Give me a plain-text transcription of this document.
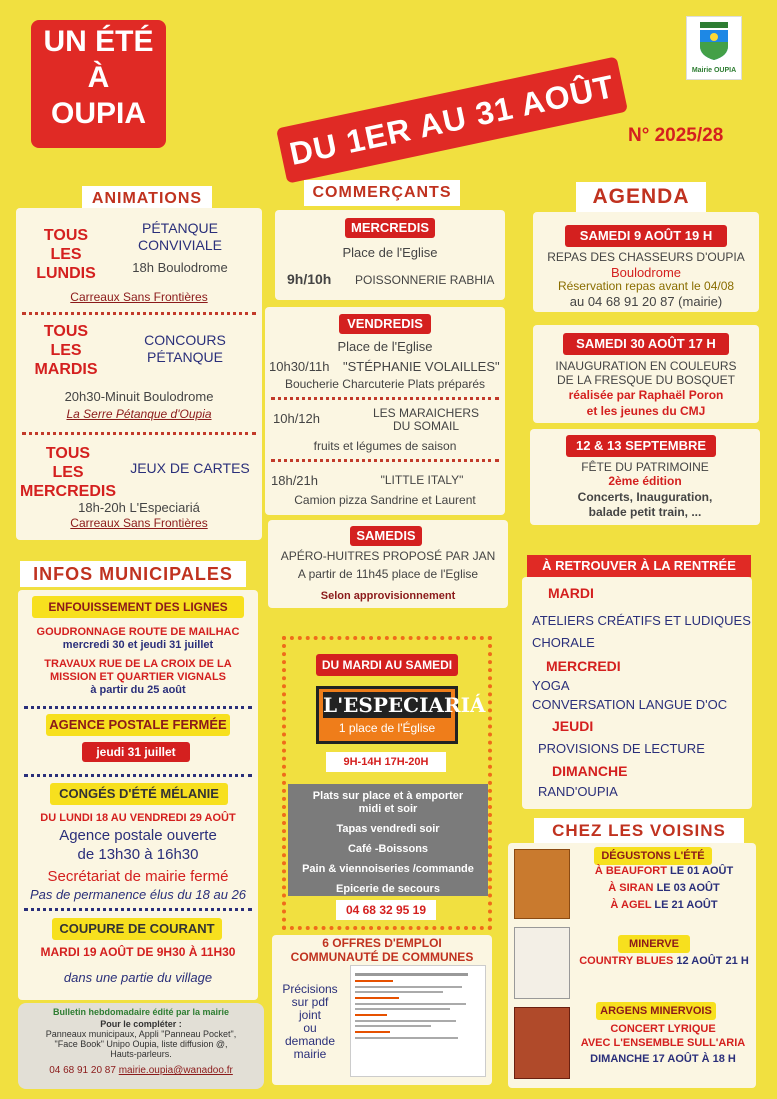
UN ÉTÉ
À
OUPIA	DU 1ER AU 31 AOÛT	Mairie OUPIA
N° 2025/28
ANIMATIONS
TOUS
LES
LUNDIS
PÉTANQUE
CONVIVIALE
18h Boulodrome
Carreaux Sans Frontières
TOUS
LES
MARDIS
CONCOURS
PÉTANQUE
20h30-Minuit Boulodrome
La Serre Pétanque d'Oupia
TOUS
LES
MERCREDIS
JEUX DE CARTES
18h-20h L'Especiariá
Carreaux Sans Frontières
COMMERÇANTS
MERCREDIS
Place de l'Eglise
9h/10h POISSONNERIE RABHIA
VENDREDIS
Place de l'Eglise
10h30/11h "STÉPHANIE VOLAILLES"
Boucherie Charcuterie Plats préparés
10h/12h	LES MARAICHERS
DU SOMAIL
fruits et légumes de saison
18h/21h	"LITTLE ITALY"
Camion pizza Sandrine et Laurent
SAMEDIS
APÉRO-HUITRES PROPOSÉ PAR JAN
A partir de 11h45 place de l'Eglise
Selon approvisionnement
AGENDA
SAMEDI 9 AOÛT 19 H
REPAS DES CHASSEURS D'OUPIA
Boulodrome
Réservation repas avant le 04/08
au 04 68 91 20 87 (mairie)
SAMEDI 30 AOÛT 17 H
INAUGURATION EN COULEURS
DE LA FRESQUE DU BOSQUET
réalisée par Raphaël Poron
et les jeunes du CMJ
12 & 13 SEPTEMBRE
FÊTE DU PATRIMOINE
2ème édition
Concerts, Inauguration,
balade petit train, ...
INFOS MUNICIPALES
ENFOUISSEMENT DES LIGNES
GOUDRONNAGE ROUTE DE MAILHAC
mercredi 30 et jeudi 31 juillet
TRAVAUX RUE DE LA CROIX DE LA
MISSION ET QUARTIER VIGNALS
à partir du 25 août
AGENCE POSTALE FERMÉE
jeudi 31 juillet
CONGÉS D'ÉTÉ MÉLANIE
DU LUNDI 18 AU VENDREDI 29 AOÛT
Agence postale ouverte
de 13h30 à 16h30
Secrétariat de mairie fermé
Pas de permanence élus du 18 au 26
COUPURE DE COURANT
MARDI 19 AOÛT DE 9H30 À 11H30
dans une partie du village
Bulletin hebdomadaire édité par la mairie
Pour le compléter :
Panneaux municipaux, Appli "Panneau Pocket",
"Face Book" Unipo Oupia, liste diffusion @,
Hauts-parleurs.
04 68 91 20 87 mairie.oupia@wanadoo.fr
DU MARDI AU SAMEDI
L'ESPECIARIÁ
1 place de l'Église
9H-14H 17H-20H
Plats sur place et à emporter
midi et soir
Tapas vendredi soir
Café -Boissons
Pain & viennoiseries /commande
Epicerie de secours
04 68 32 95 19
6 OFFRES D'EMPLOI
COMMUNAUTÉ DE COMMUNES
Précisions
sur pdf
joint
ou
demande
mairie
À RETROUVER À LA RENTRÉE
MARDI
ATELIERS CRÉATIFS ET LUDIQUES
CHORALE
MERCREDI
YOGA
CONVERSATION LANGUE D'OC
JEUDI
PROVISIONS DE LECTURE
DIMANCHE
RAND'OUPIA
CHEZ LES VOISINS
DÉGUSTONS L'ÉTÉ
À BEAUFORT LE 01 AOÛT
À SIRAN LE 03 AOÛT
À AGEL LE 21 AOÛT
MINERVE
COUNTRY BLUES 12 AOÛT 21 H
ARGENS MINERVOIS
CONCERT LYRIQUE
AVEC L'ENSEMBLE SULL'ARIA
DIMANCHE 17 AOÛT À 18 H
